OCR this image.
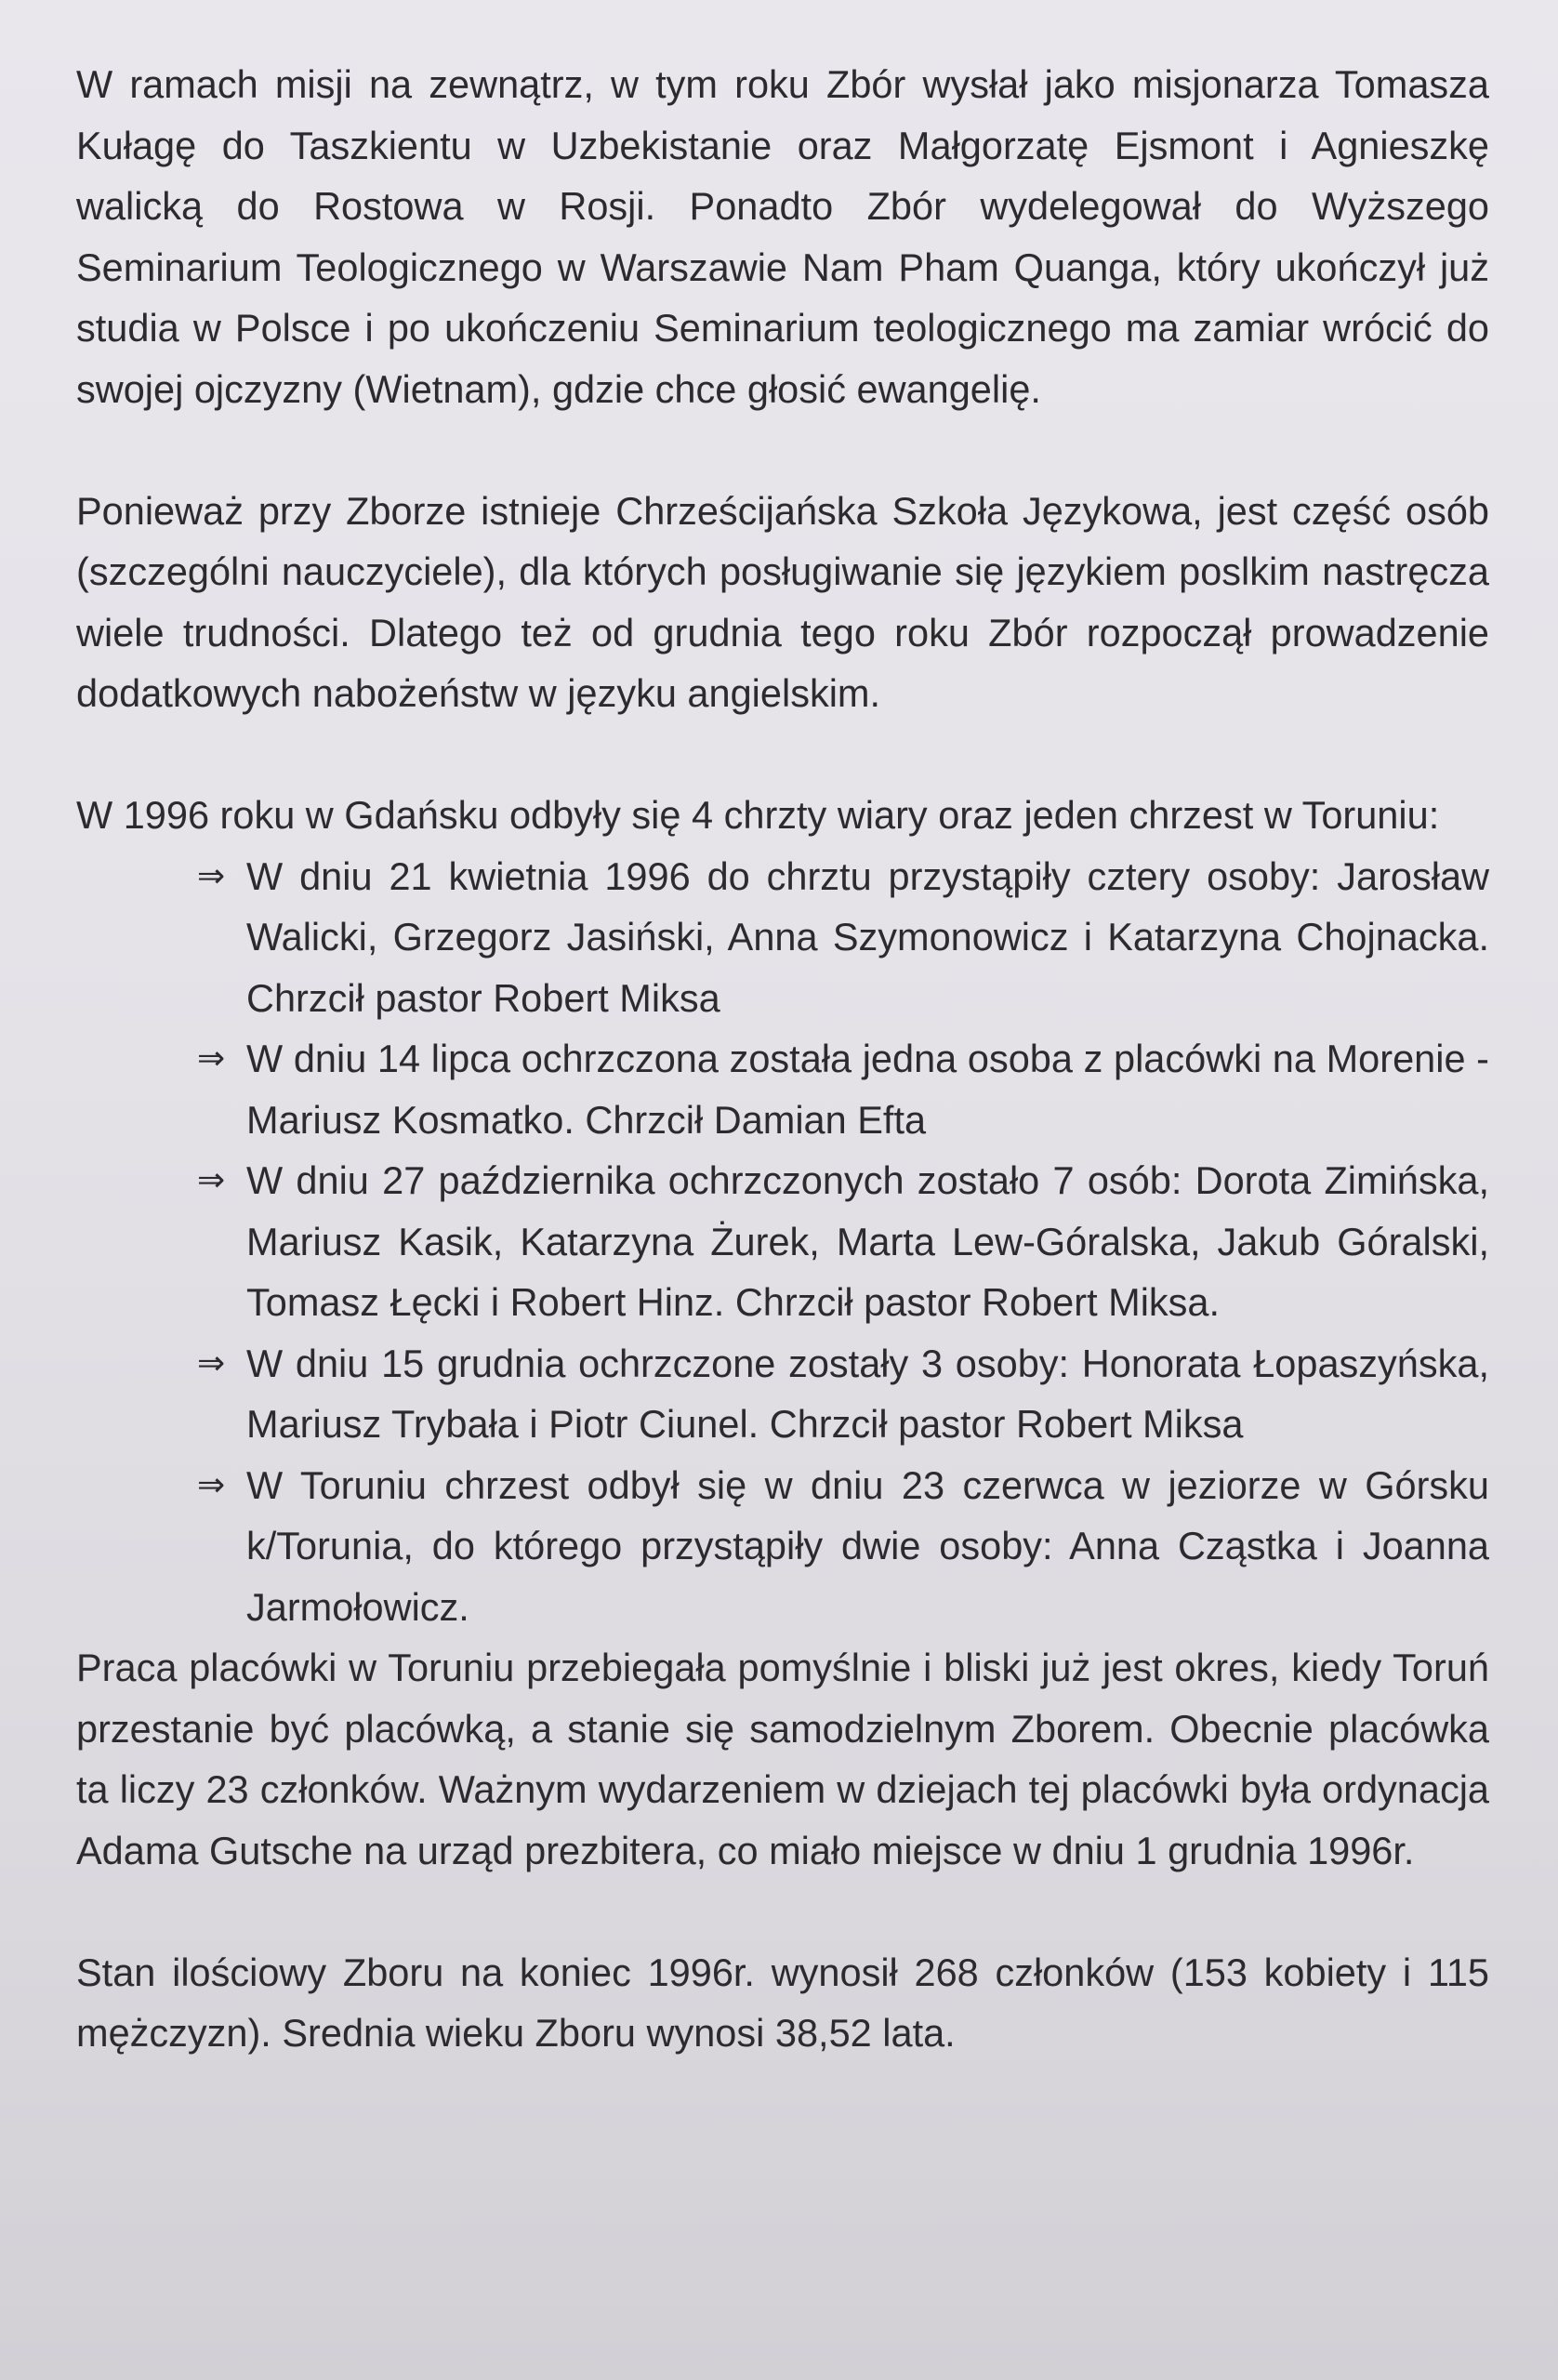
W ramach misji na zewnątrz, w tym roku Zbór wysłał jako misjonarza Tomasza Kułagę do Taszkientu w Uzbekistanie oraz Małgorzatę Ejsmont i Agnieszkę walicką do Rostowa w Rosji. Ponadto Zbór wydelegował do Wyższego Seminarium Teologicznego w Warszawie Nam Pham Quanga, który ukończył już studia w Polsce i po ukończeniu Seminarium teologicznego ma zamiar wrócić do swojej ojczyzny (Wietnam), gdzie chce głosić ewangelię.

Ponieważ przy Zborze istnieje Chrześcijańska Szkoła Językowa, jest część osób (szczególni nauczyciele), dla których posługiwanie się językiem poslkim nastręcza wiele trudności. Dlatego też od grudnia tego roku Zbór rozpoczął prowadzenie dodatkowych nabożeństw w języku angielskim.

W 1996 roku w Gdańsku odbyły się 4 chrzty wiary oraz jeden chrzest w Toruniu:

⇒ W dniu 21 kwietnia 1996 do chrztu przystąpiły cztery osoby: Jarosław Walicki, Grzegorz Jasiński, Anna Szymonowicz i Katarzyna Chojnacka. Chrzcił pastor Robert Miksa
⇒ W dniu 14 lipca ochrzczona została jedna osoba z placówki na Morenie - Mariusz Kosmatko. Chrzcił Damian Efta
⇒ W dniu 27 października ochrzczonych zostało 7 osób: Dorota Zimińska, Mariusz Kasik, Katarzyna Żurek, Marta Lew-Góralska, Jakub Góralski, Tomasz Łęcki i Robert Hinz. Chrzcił pastor Robert Miksa.
⇒ W dniu 15 grudnia ochrzczone zostały 3 osoby: Honorata Łopaszyńska, Mariusz Trybała i Piotr Ciunel. Chrzcił pastor Robert Miksa
⇒ W Toruniu chrzest odbył się w dniu 23 czerwca w jeziorze w Górsku k/Torunia, do którego przystąpiły dwie osoby: Anna Cząstka i Joanna Jarmołowicz.

Praca placówki w Toruniu przebiegała pomyślnie i bliski już jest okres, kiedy Toruń przestanie być placówką, a stanie się samodzielnym Zborem. Obecnie placówka ta liczy 23 członków. Ważnym wydarzeniem w dziejach tej placówki była ordynacja Adama Gutsche na urząd prezbitera, co miało miejsce w dniu 1 grudnia 1996r.

Stan ilościowy Zboru na koniec 1996r. wynosił 268 członków (153 kobiety i 115 mężczyzn). Srednia wieku Zboru wynosi 38,52 lata.
